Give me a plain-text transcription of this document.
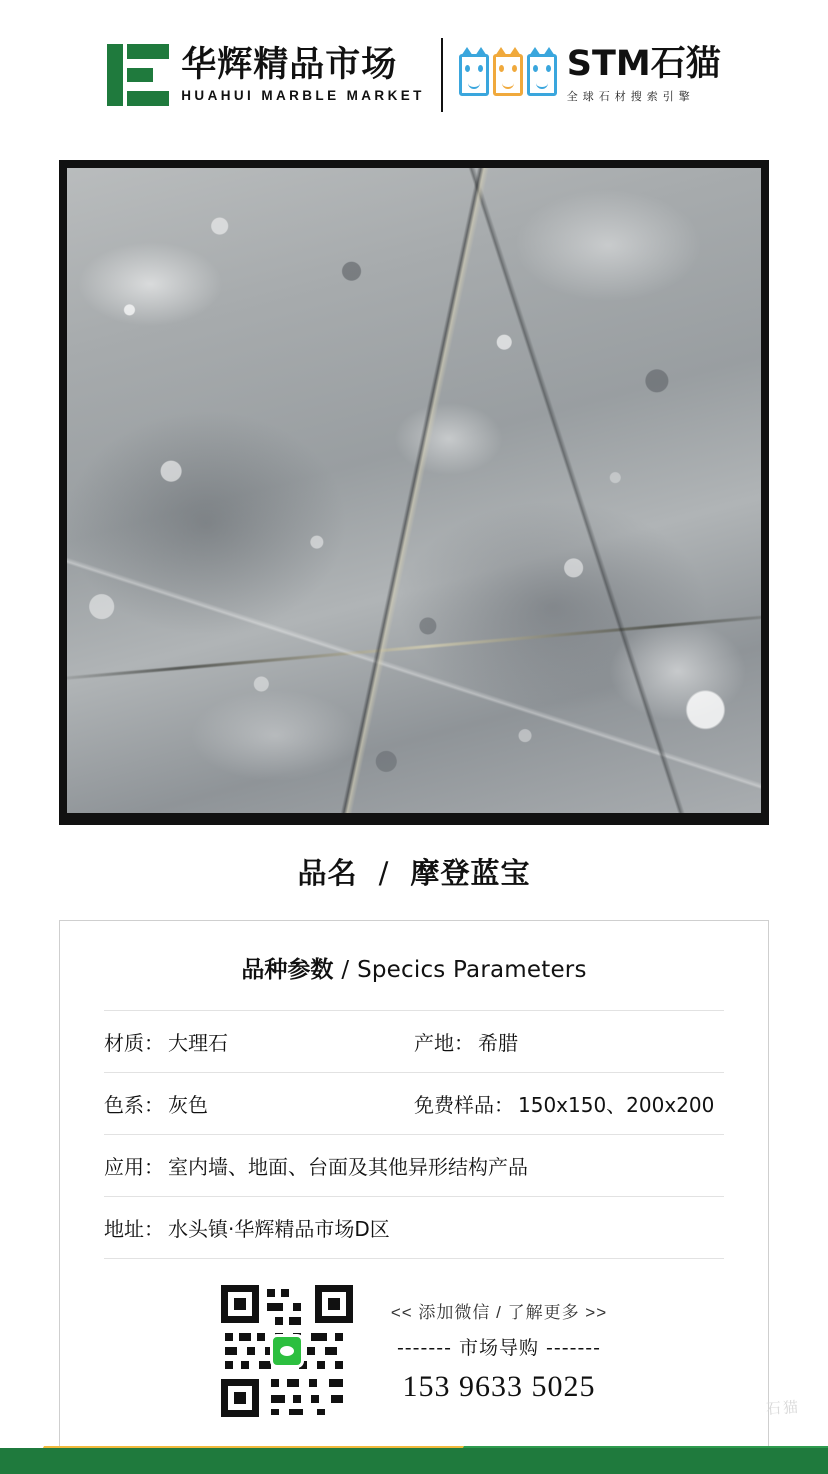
华辉精品市场
HUAHUI MARBLE MARKET
STM石猫
全球石材搜索引擎
品名 / 摩登蓝宝
品种参数 / Specics Parameters
材质： 大理石	产地： 希腊
色系： 灰色	免费样品： 150x150、200x200
应用： 室内墙、地面、台面及其他异形结构产品
地址： 水头镇·华辉精品市场D区
<< 添加微信 / 了解更多 >>
------- 市场导购 -------
153 9633 5025
石猫
